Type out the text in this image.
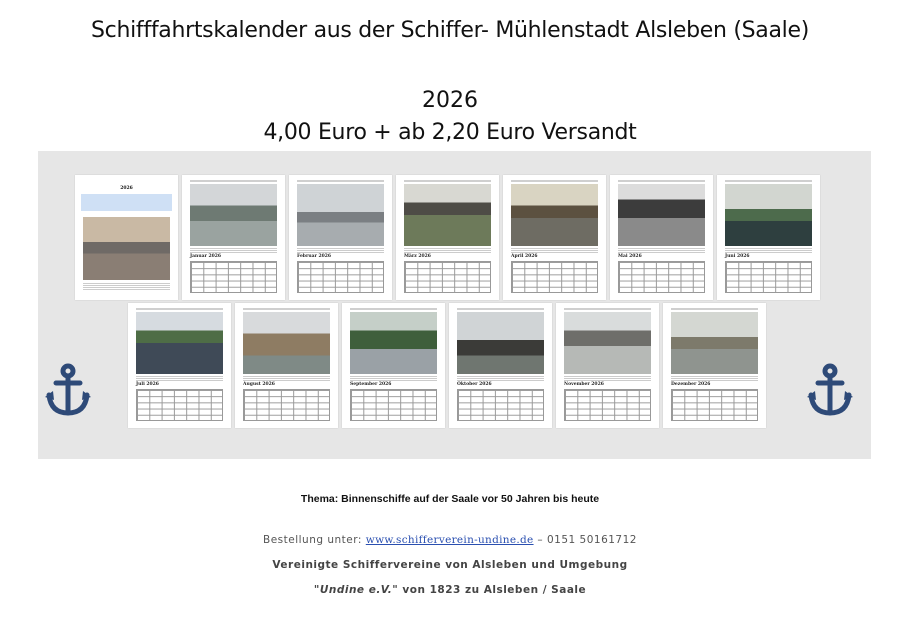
Schifffahrtskalender aus der Schiffer- Mühlenstadt Alsleben (Saale)
2026
4,00 Euro + ab 2,20 Euro Versandt
2026
Januar 2026	Februar 2026	März 2026	April 2026	Mai 2026	Juni 2026
Juli 2026	August 2026	September 2026	Oktober 2026	November 2026	Dezember 2026
Thema: Binnenschiffe auf der Saale vor 50 Jahren bis heute
Bestellung unter: www.schifferverein-undine.de – 0151 50161712
Vereinigte Schiffervereine von Alsleben und Umgebung
"Undine e.V." von 1823 zu Alsleben / Saale
